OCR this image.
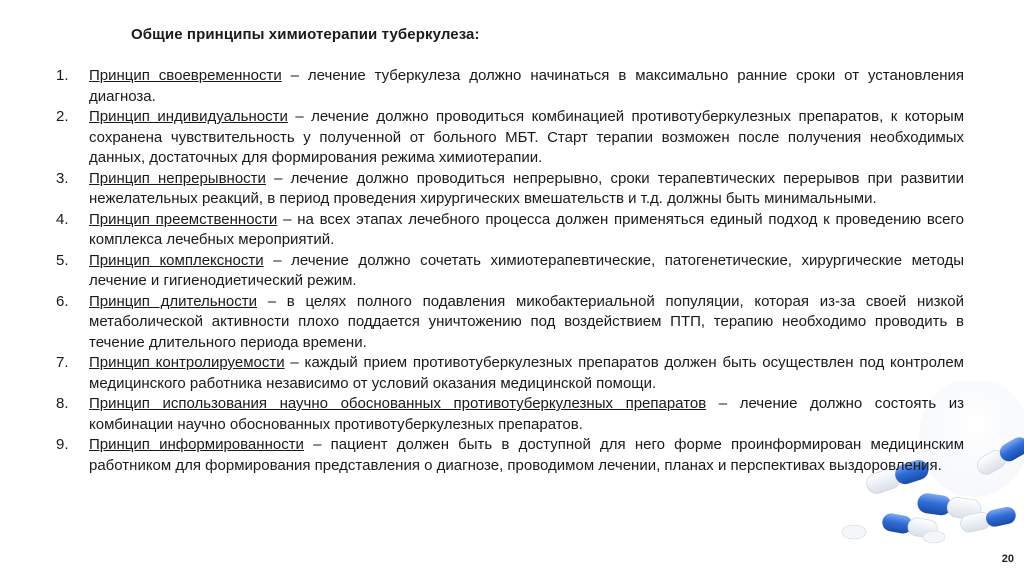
Общие принципы химиотерапии туберкулеза:
1. Принцип своевременности – лечение туберкулеза должно начинаться в максимально ранние сроки от установления диагноза.
2. Принцип индивидуальности – лечение должно проводиться комбинацией противотуберкулезных препаратов, к которым сохранена чувствительность у полученной от больного МБТ. Старт терапии возможен после получения необходимых данных, достаточных для формирования режима химиотерапии.
3. Принцип непрерывности – лечение должно проводиться непрерывно, сроки терапевтических перерывов при развитии нежелательных реакций, в период проведения хирургических вмешательств и т.д. должны быть минимальными.
4. Принцип преемственности – на всех этапах лечебного процесса должен применяться единый подход к проведению всего комплекса лечебных мероприятий.
5. Принцип комплексности – лечение должно сочетать химиотерапевтические, патогенетические, хирургические методы лечение и гигиенодиетический режим.
6. Принцип длительности – в целях полного подавления микобактериальной популяции, которая из-за своей низкой метаболической активности плохо поддается уничтожению под воздействием ПТП, терапию необходимо проводить в течение длительного периода времени.
7. Принцип контролируемости – каждый прием противотуберкулезных препаратов должен быть осуществлен под контролем медицинского работника независимо от условий оказания медицинской помощи.
8. Принцип использования научно обоснованных противотуберкулезных препаратов – лечение должно состоять из комбинации научно обоснованных противотуберкулезных препаратов.
9. Принцип информированности – пациент должен быть в доступной для него форме проинформирован медицинским работником для формирования представления о диагнозе, проводимом лечении, планах и перспективах выздоровления.
20
